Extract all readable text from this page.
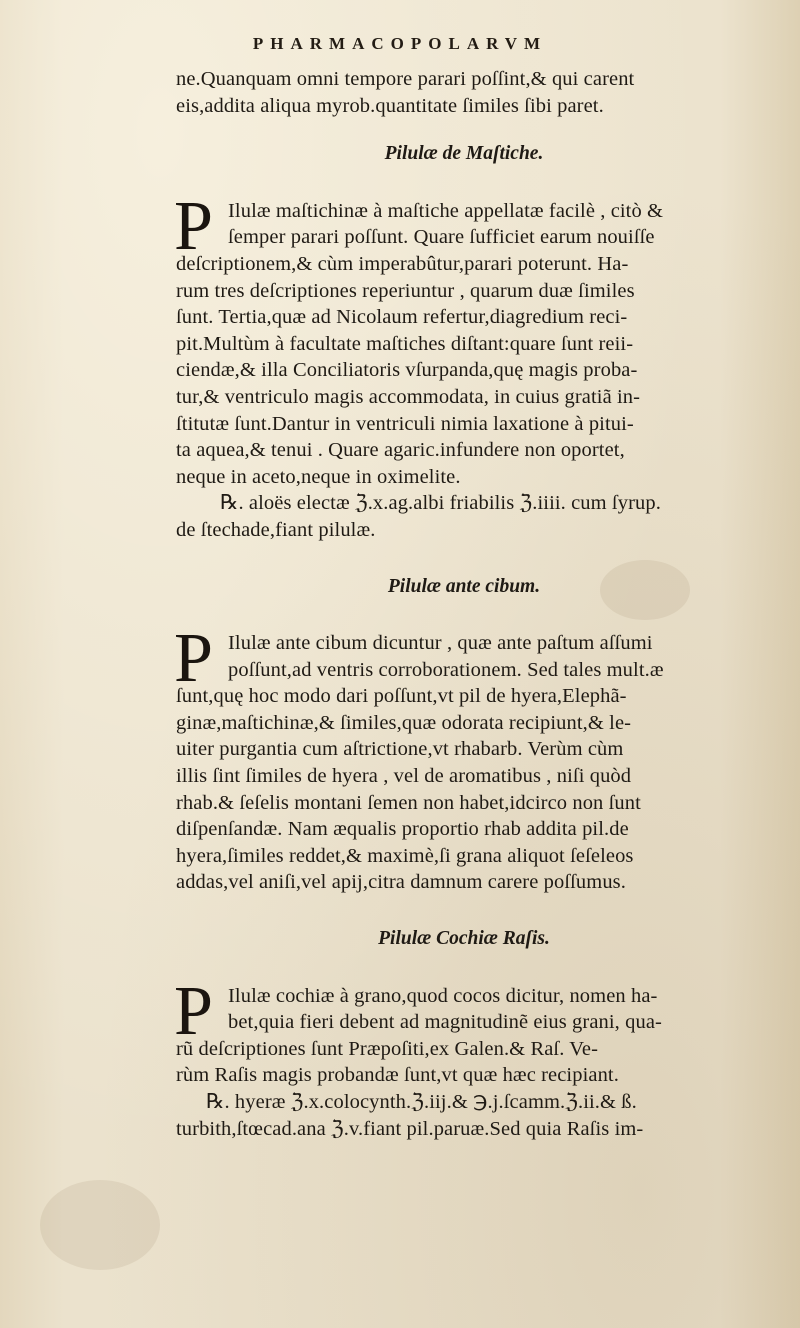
PHARMACOPOLARVM
ne.Quanquam omni tempore parari poſſint,& qui carent
eis,addita aliqua myrob.quantitate ſimiles ſibi paret.
Pilulæ de Maſtiche.
P Ilulæ maſtichinæ à maſtiche appellatæ facilè , citò &
ſemper parari poſſunt. Quare ſufficiet earum nouiſſe
deſcriptionem,& cùm imperabûtur,parari poterunt. Ha-
rum tres deſcriptiones reperiuntur , quarum duæ ſimiles
ſunt. Tertia,quæ ad Nicolaum refertur,diagredium reci-
pit.Multùm à facultate maſtiches diſtant:quare ſunt reii-
ciendæ,& illa Conciliatoris vſurpanda,quę magis proba-
tur,& ventriculo magis accommodata, in cuius gratiã in-
ſtitutæ ſunt.Dantur in ventriculi nimia laxatione à pitui-
ta aquea,& tenui . Quare agaric.infundere non oportet,
neque in aceto,neque in oximelite.
℞. aloës electæ ℨ.x.ag.albi friabilis ℨ.iiii. cum ſyrup.
de ſtechade,fiant pilulæ.
Pilulæ ante cibum.
P Ilulæ ante cibum dicuntur , quæ ante paſtum aſſumi
poſſunt,ad ventris corroborationem. Sed tales mult.æ
ſunt,quę hoc modo dari poſſunt,vt pil de hyera,Elephã-
ginæ,maſtichinæ,& ſimiles,quæ odorata recipiunt,& le-
uiter purgantia cum aſtrictione,vt rhabarb. Verùm cùm
illis ſint ſimiles de hyera , vel de aromatibus , niſi quòd
rhab.& ſeſelis montani ſemen non habet,idcirco non ſunt
diſpenſandæ. Nam æqualis proportio rhab addita pil.de
hyera,ſimiles reddet,& maximè,ſi grana aliquot ſeſeleos
addas,vel aniſi,vel apij,citra damnum carere poſſumus.
Pilulæ Cochiæ Raſis.
P Ilulæ cochiæ à grano,quod cocos dicitur, nomen ha-
bet,quia fieri debent ad magnitudinẽ eius grani, qua-
rũ deſcriptiones ſunt Præpoſiti,ex Galen.& Raſ. Ve-
rùm Raſis magis probandæ ſunt,vt quæ hæc recipiant.
℞. hyeræ ℨ.x.colocynth.ℨ.iij.& ℈.j.ſcamm.ℨ.ii.& ß.
turbith,ſtœcad.ana ℨ.v.fiant pil.paruæ.Sed quia Raſis im-
